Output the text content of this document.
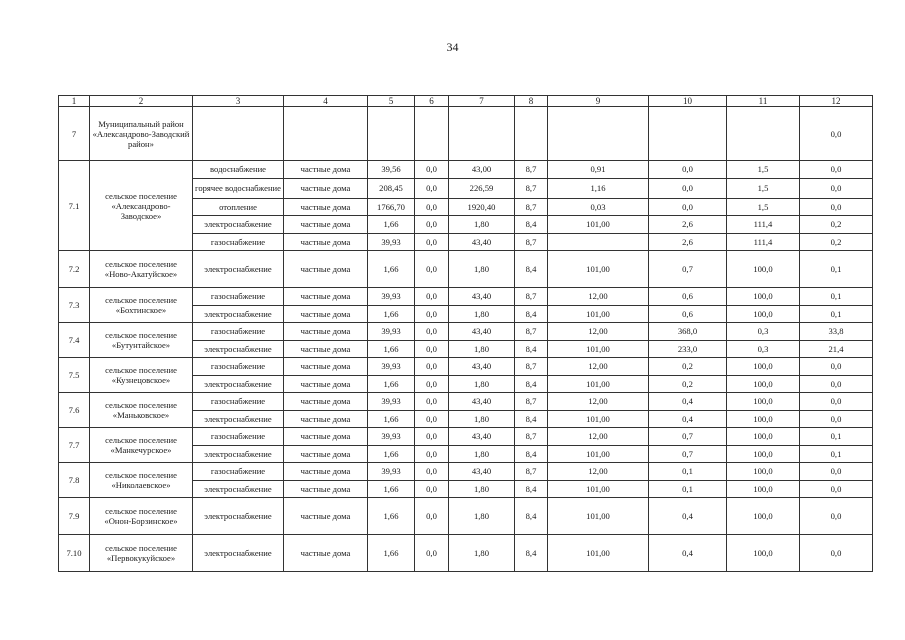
34
1	2	3	4	5	6	7	8	9	10	11	12
7	Муниципальный район «Александрово-Заводский район»										0,0
7.1	сельское поселение «Александрово-Заводское»	водоснабжение	частные дома	39,56	0,0	43,00	8,7	0,91	0,0	1,5	0,0
		горячее водоснабжение	частные дома	208,45	0,0	226,59	8,7	1,16	0,0	1,5	0,0
		отопление	частные дома	1766,70	0,0	1920,40	8,7	0,03	0,0	1,5	0,0
		электроснабжение	частные дома	1,66	0,0	1,80	8,4	101,00	2,6	111,4	0,2
		газоснабжение	частные дома	39,93	0,0	43,40	8,7		2,6	111,4	0,2
7.2	сельское поселение «Ново-Акатуйское»	электроснабжение	частные дома	1,66	0,0	1,80	8,4	101,00	0,7	100,0	0,1
7.3	сельское поселение «Бохтинское»	газоснабжение	частные дома	39,93	0,0	43,40	8,7	12,00	0,6	100,0	0,1
		электроснабжение	частные дома	1,66	0,0	1,80	8,4	101,00	0,6	100,0	0,1
7.4	сельское поселение «Бутунтайское»	газоснабжение	частные дома	39,93	0,0	43,40	8,7	12,00	368,0	0,3	33,8
		электроснабжение	частные дома	1,66	0,0	1,80	8,4	101,00	233,0	0,3	21,4
7.5	сельское поселение «Кузнецовское»	газоснабжение	частные дома	39,93	0,0	43,40	8,7	12,00	0,2	100,0	0,0
		электроснабжение	частные дома	1,66	0,0	1,80	8,4	101,00	0,2	100,0	0,0
7.6	сельское поселение «Маньковское»	газоснабжение	частные дома	39,93	0,0	43,40	8,7	12,00	0,4	100,0	0,0
		электроснабжение	частные дома	1,66	0,0	1,80	8,4	101,00	0,4	100,0	0,0
7.7	сельское поселение «Манкечурское»	газоснабжение	частные дома	39,93	0,0	43,40	8,7	12,00	0,7	100,0	0,1
		электроснабжение	частные дома	1,66	0,0	1,80	8,4	101,00	0,7	100,0	0,1
7.8	сельское поселение «Николаевское»	газоснабжение	частные дома	39,93	0,0	43,40	8,7	12,00	0,1	100,0	0,0
		электроснабжение	частные дома	1,66	0,0	1,80	8,4	101,00	0,1	100,0	0,0
7.9	сельское поселение «Онон-Борзинское»	электроснабжение	частные дома	1,66	0,0	1,80	8,4	101,00	0,4	100,0	0,0
7.10	сельское поселение «Первокукуйское»	электроснабжение	частные дома	1,66	0,0	1,80	8,4	101,00	0,4	100,0	0,0
